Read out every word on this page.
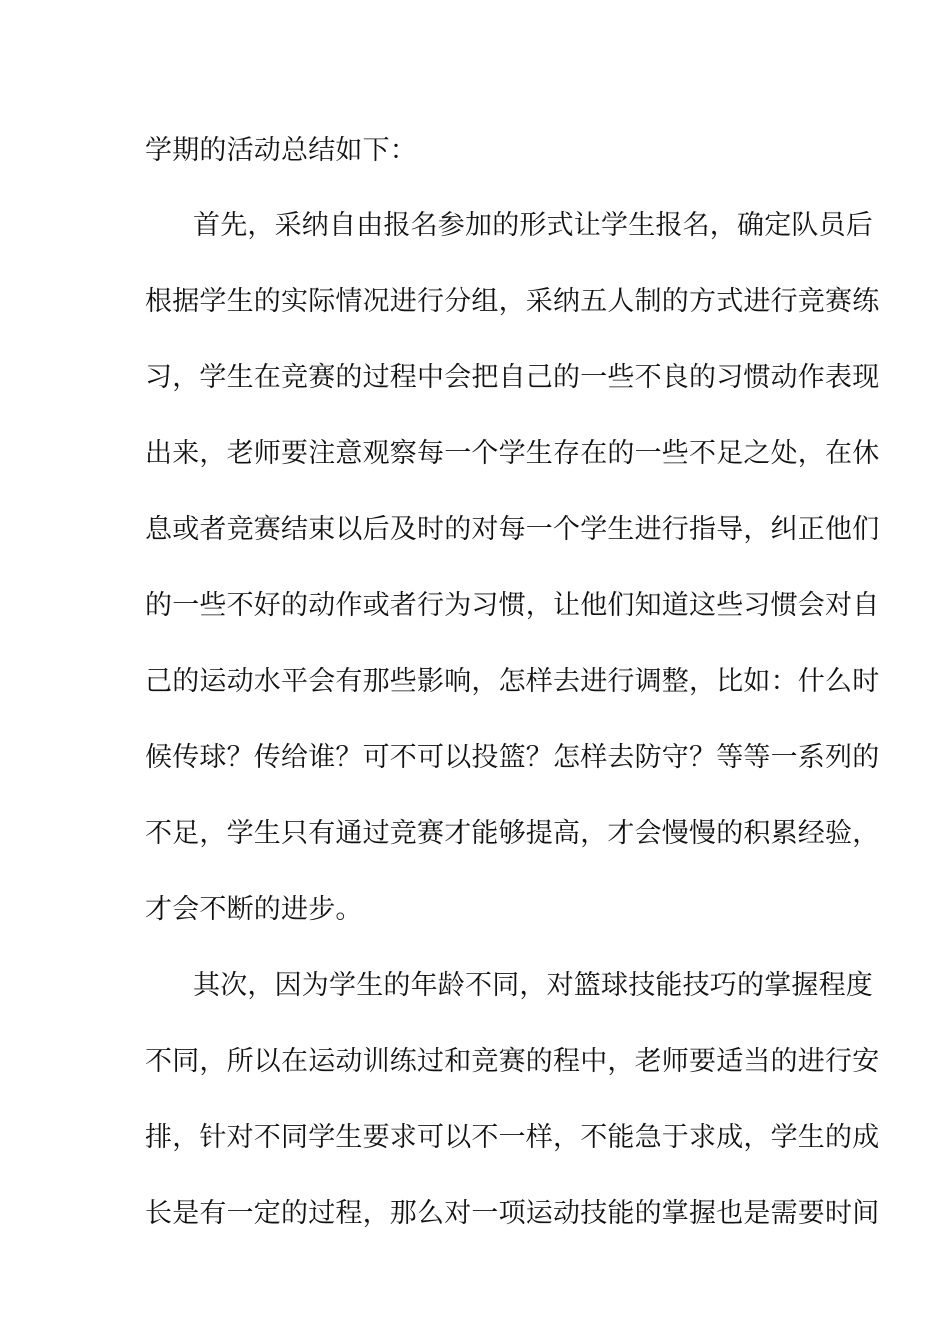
学期的活动总结如下：
首先，采纳自由报名参加的形式让学生报名，确定队员后
根据学生的实际情况进行分组，采纳五人制的方式进行竞赛练
习，学生在竞赛的过程中会把自己的一些不良的习惯动作表现
出来，老师要注意观察每一个学生存在的一些不足之处，在休
息或者竞赛结束以后及时的对每一个学生进行指导，纠正他们
的一些不好的动作或者行为习惯，让他们知道这些习惯会对自
己的运动水平会有那些影响，怎样去进行调整，比如：什么时
候传球？传给谁？可不可以投篮？怎样去防守？等等一系列的
不足，学生只有通过竞赛才能够提高，才会慢慢的积累经验，
才会不断的进步。
其次，因为学生的年龄不同，对篮球技能技巧的掌握程度
不同，所以在运动训练过和竞赛的程中，老师要适当的进行安
排，针对不同学生要求可以不一样，不能急于求成，学生的成
长是有一定的过程，那么对一项运动技能的掌握也是需要时间
